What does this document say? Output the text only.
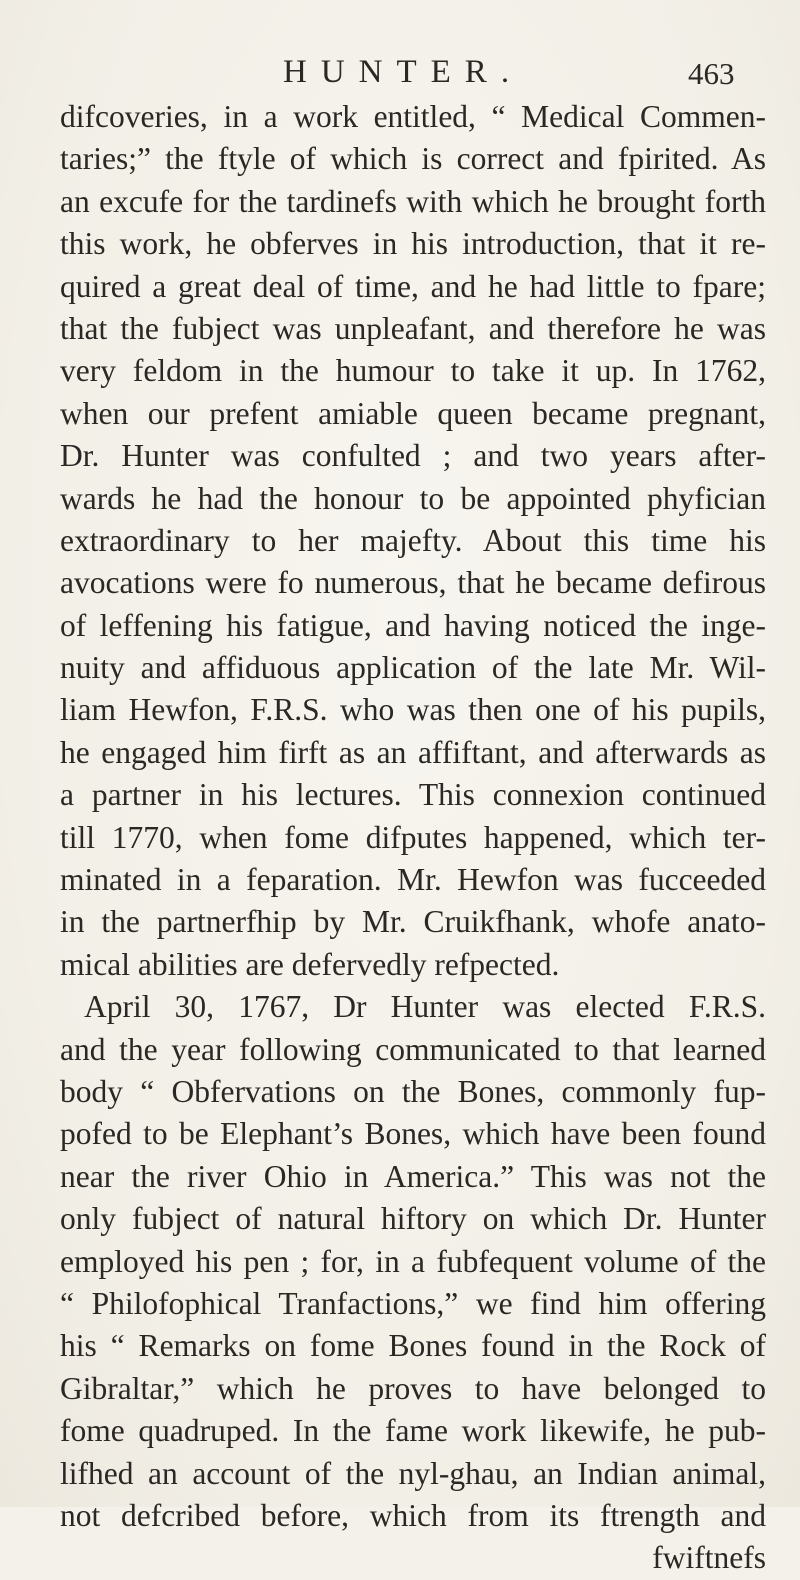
HUNTER.	463
difcoveries, in a work entitled, “ Medical Commen-
taries;” the ftyle of which is correct and fpirited. As
an excufe for the tardinefs with which he brought forth
this work, he obferves in his introduction, that it re-
quired a great deal of time, and he had little to fpare;
that the fubject was unpleafant, and therefore he was
very feldom in the humour to take it up. In 1762,
when our prefent amiable queen became pregnant,
Dr. Hunter was confulted ; and two years after-
wards he had the honour to be appointed phyfician
extraordinary to her majefty. About this time his
avocations were fo numerous, that he became defirous
of leffening his fatigue, and having noticed the inge-
nuity and affiduous application of the late Mr. Wil-
liam Hewfon, F.R.S. who was then one of his pupils,
he engaged him firft as an affiftant, and afterwards as
a partner in his lectures. This connexion continued
till 1770, when fome difputes happened, which ter-
minated in a feparation. Mr. Hewfon was fucceeded
in the partnerfhip by Mr. Cruikfhank, whofe anato-
mical abilities are defervedly refpected.
April 30, 1767, Dr Hunter was elected F.R.S.
and the year following communicated to that learned
body “ Obfervations on the Bones, commonly fup-
pofed to be Elephant’s Bones, which have been found
near the river Ohio in America.” This was not the
only fubject of natural hiftory on which Dr. Hunter
employed his pen ; for, in a fubfequent volume of the
“ Philofophical Tranfactions,” we find him offering
his “ Remarks on fome Bones found in the Rock of
Gibraltar,” which he proves to have belonged to
fome quadruped. In the fame work likewife, he pub-
lifhed an account of the nyl-ghau, an Indian animal,
not defcribed before, which from its ftrength and
fwiftnefs
